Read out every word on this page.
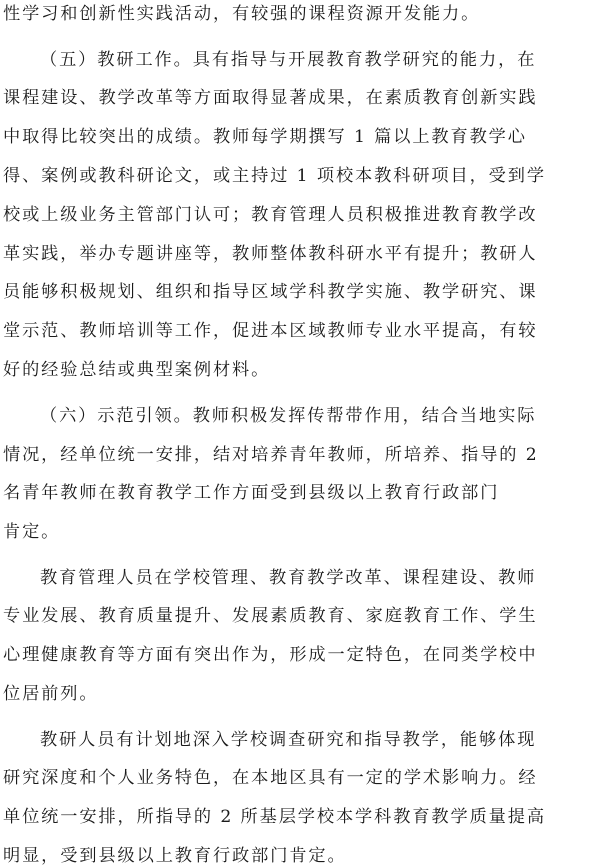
性学习和创新性实践活动，有较强的课程资源开发能力。
（五）教研工作。具有指导与开展教育教学研究的能力，在
课程建设、教学改革等方面取得显著成果，在素质教育创新实践
中取得比较突出的成绩。教师每学期撰写 1 篇以上教育教学心
得、案例或教科研论文，或主持过 1 项校本教科研项目，受到学
校或上级业务主管部门认可；教育管理人员积极推进教育教学改
革实践，举办专题讲座等，教师整体教科研水平有提升；教研人
员能够积极规划、组织和指导区域学科教学实施、教学研究、课
堂示范、教师培训等工作，促进本区域教师专业水平提高，有较
好的经验总结或典型案例材料。
（六）示范引领。教师积极发挥传帮带作用，结合当地实际
情况，经单位统一安排，结对培养青年教师，所培养、指导的 2
名青年教师在教育教学工作方面受到县级以上教育行政部门
肯定。
教育管理人员在学校管理、教育教学改革、课程建设、教师
专业发展、教育质量提升、发展素质教育、家庭教育工作、学生
心理健康教育等方面有突出作为，形成一定特色，在同类学校中
位居前列。
教研人员有计划地深入学校调查研究和指导教学，能够体现
研究深度和个人业务特色，在本地区具有一定的学术影响力。经
单位统一安排，所指导的 2 所基层学校本学科教育教学质量提高
明显，受到县级以上教育行政部门肯定。
